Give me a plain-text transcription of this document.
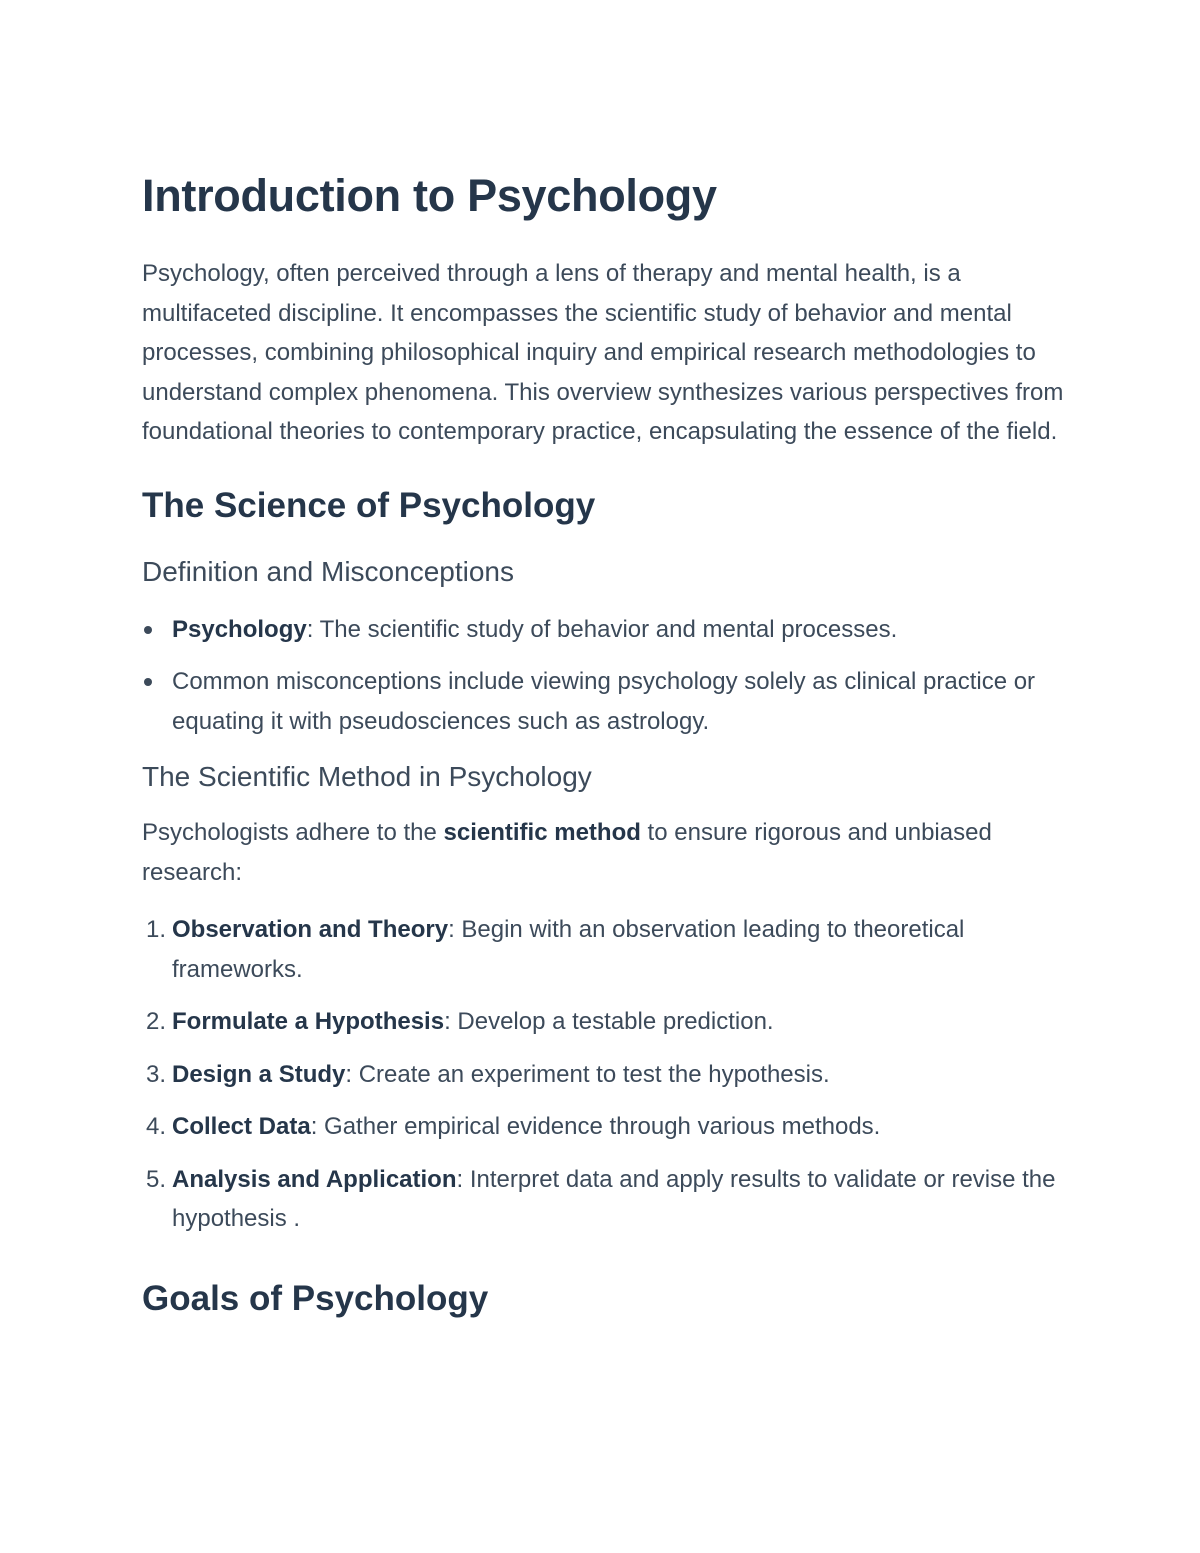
Introduction to Psychology

Psychology, often perceived through a lens of therapy and mental health, is a multifaceted discipline. It encompasses the scientific study of behavior and mental processes, combining philosophical inquiry and empirical research methodologies to understand complex phenomena. This overview synthesizes various perspectives from foundational theories to contemporary practice, encapsulating the essence of the field.

The Science of Psychology
Definition and Misconceptions
Psychology: The scientific study of behavior and mental processes.
Common misconceptions include viewing psychology solely as clinical practice or equating it with pseudosciences such as astrology.
The Scientific Method in Psychology

Psychologists adhere to the scientific method to ensure rigorous and unbiased research:

1. Observation and Theory: Begin with an observation leading to theoretical frameworks.
2. Formulate a Hypothesis: Develop a testable prediction.
3. Design a Study: Create an experiment to test the hypothesis.
4. Collect Data: Gather empirical evidence through various methods.
5. Analysis and Application: Interpret data and apply results to validate or revise the hypothesis .
Goals of Psychology
